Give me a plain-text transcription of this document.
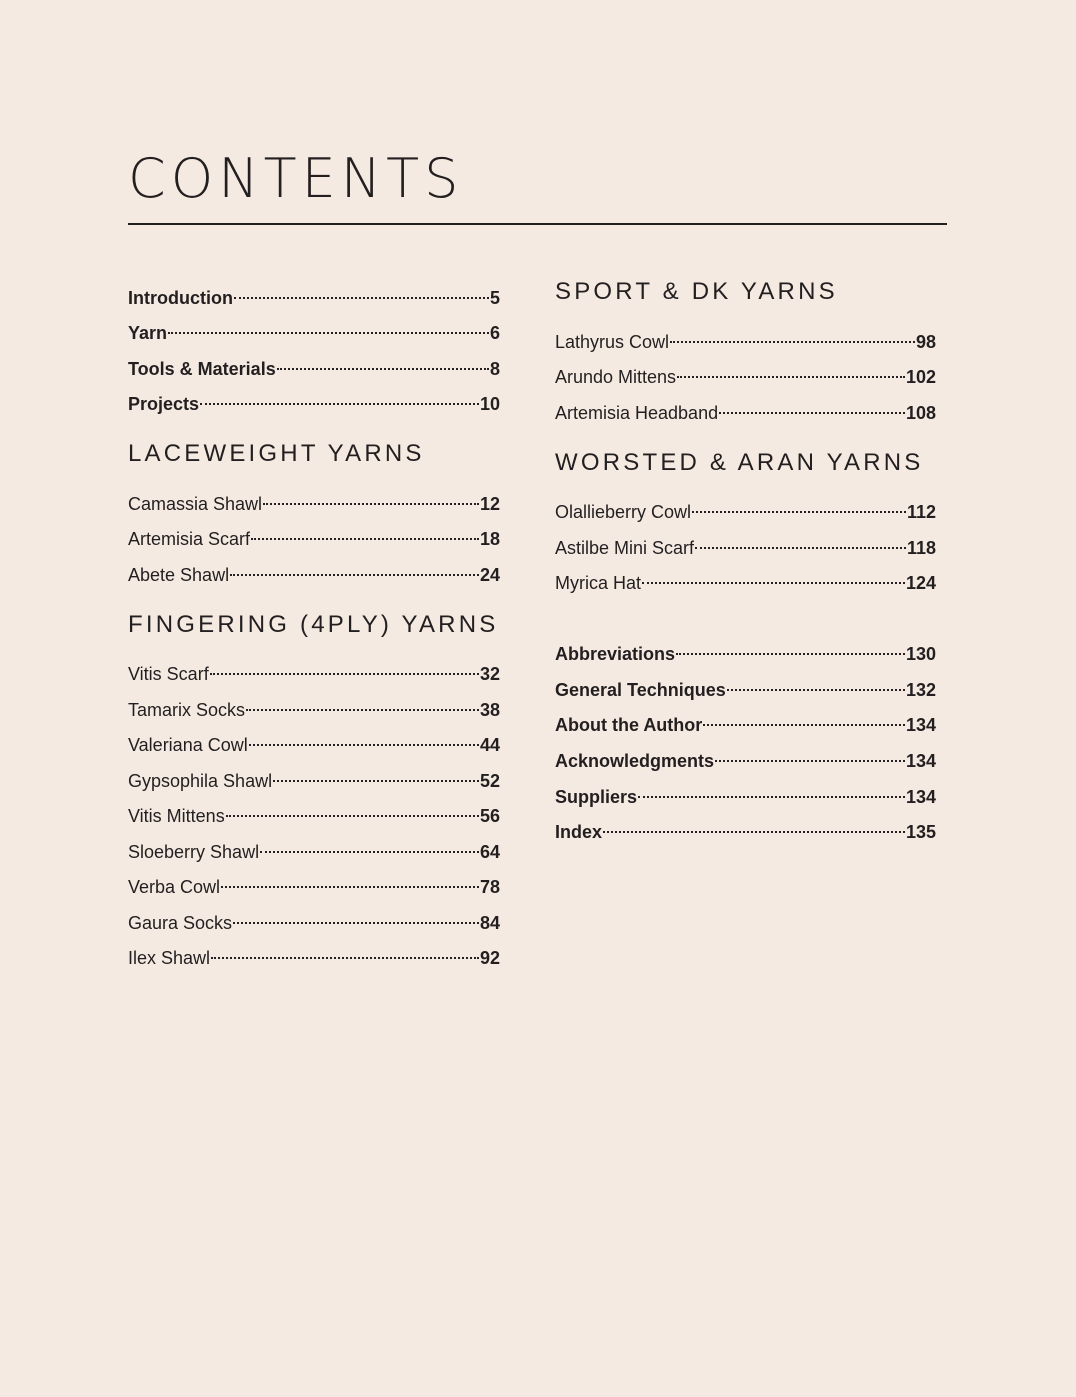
CONTENTS
Introduction	5
Yarn	6
Tools & Materials	8
Projects	10
LACEWEIGHT YARNS
Camassia Shawl	12
Artemisia Scarf	18
Abete Shawl	24
FINGERING (4PLY) YARNS
Vitis Scarf	32
Tamarix Socks	38
Valeriana Cowl	44
Gypsophila Shawl	52
Vitis Mittens	56
Sloeberry Shawl	64
Verba Cowl	78
Gaura Socks	84
Ilex Shawl	92
SPORT & DK YARNS
Lathyrus Cowl	98
Arundo Mittens	102
Artemisia Headband	108
WORSTED & ARAN YARNS
Olallieberry Cowl	112
Astilbe Mini Scarf	118
Myrica Hat	124
Abbreviations	130
General Techniques	132
About the Author	134
Acknowledgments	134
Suppliers	134
Index	135
